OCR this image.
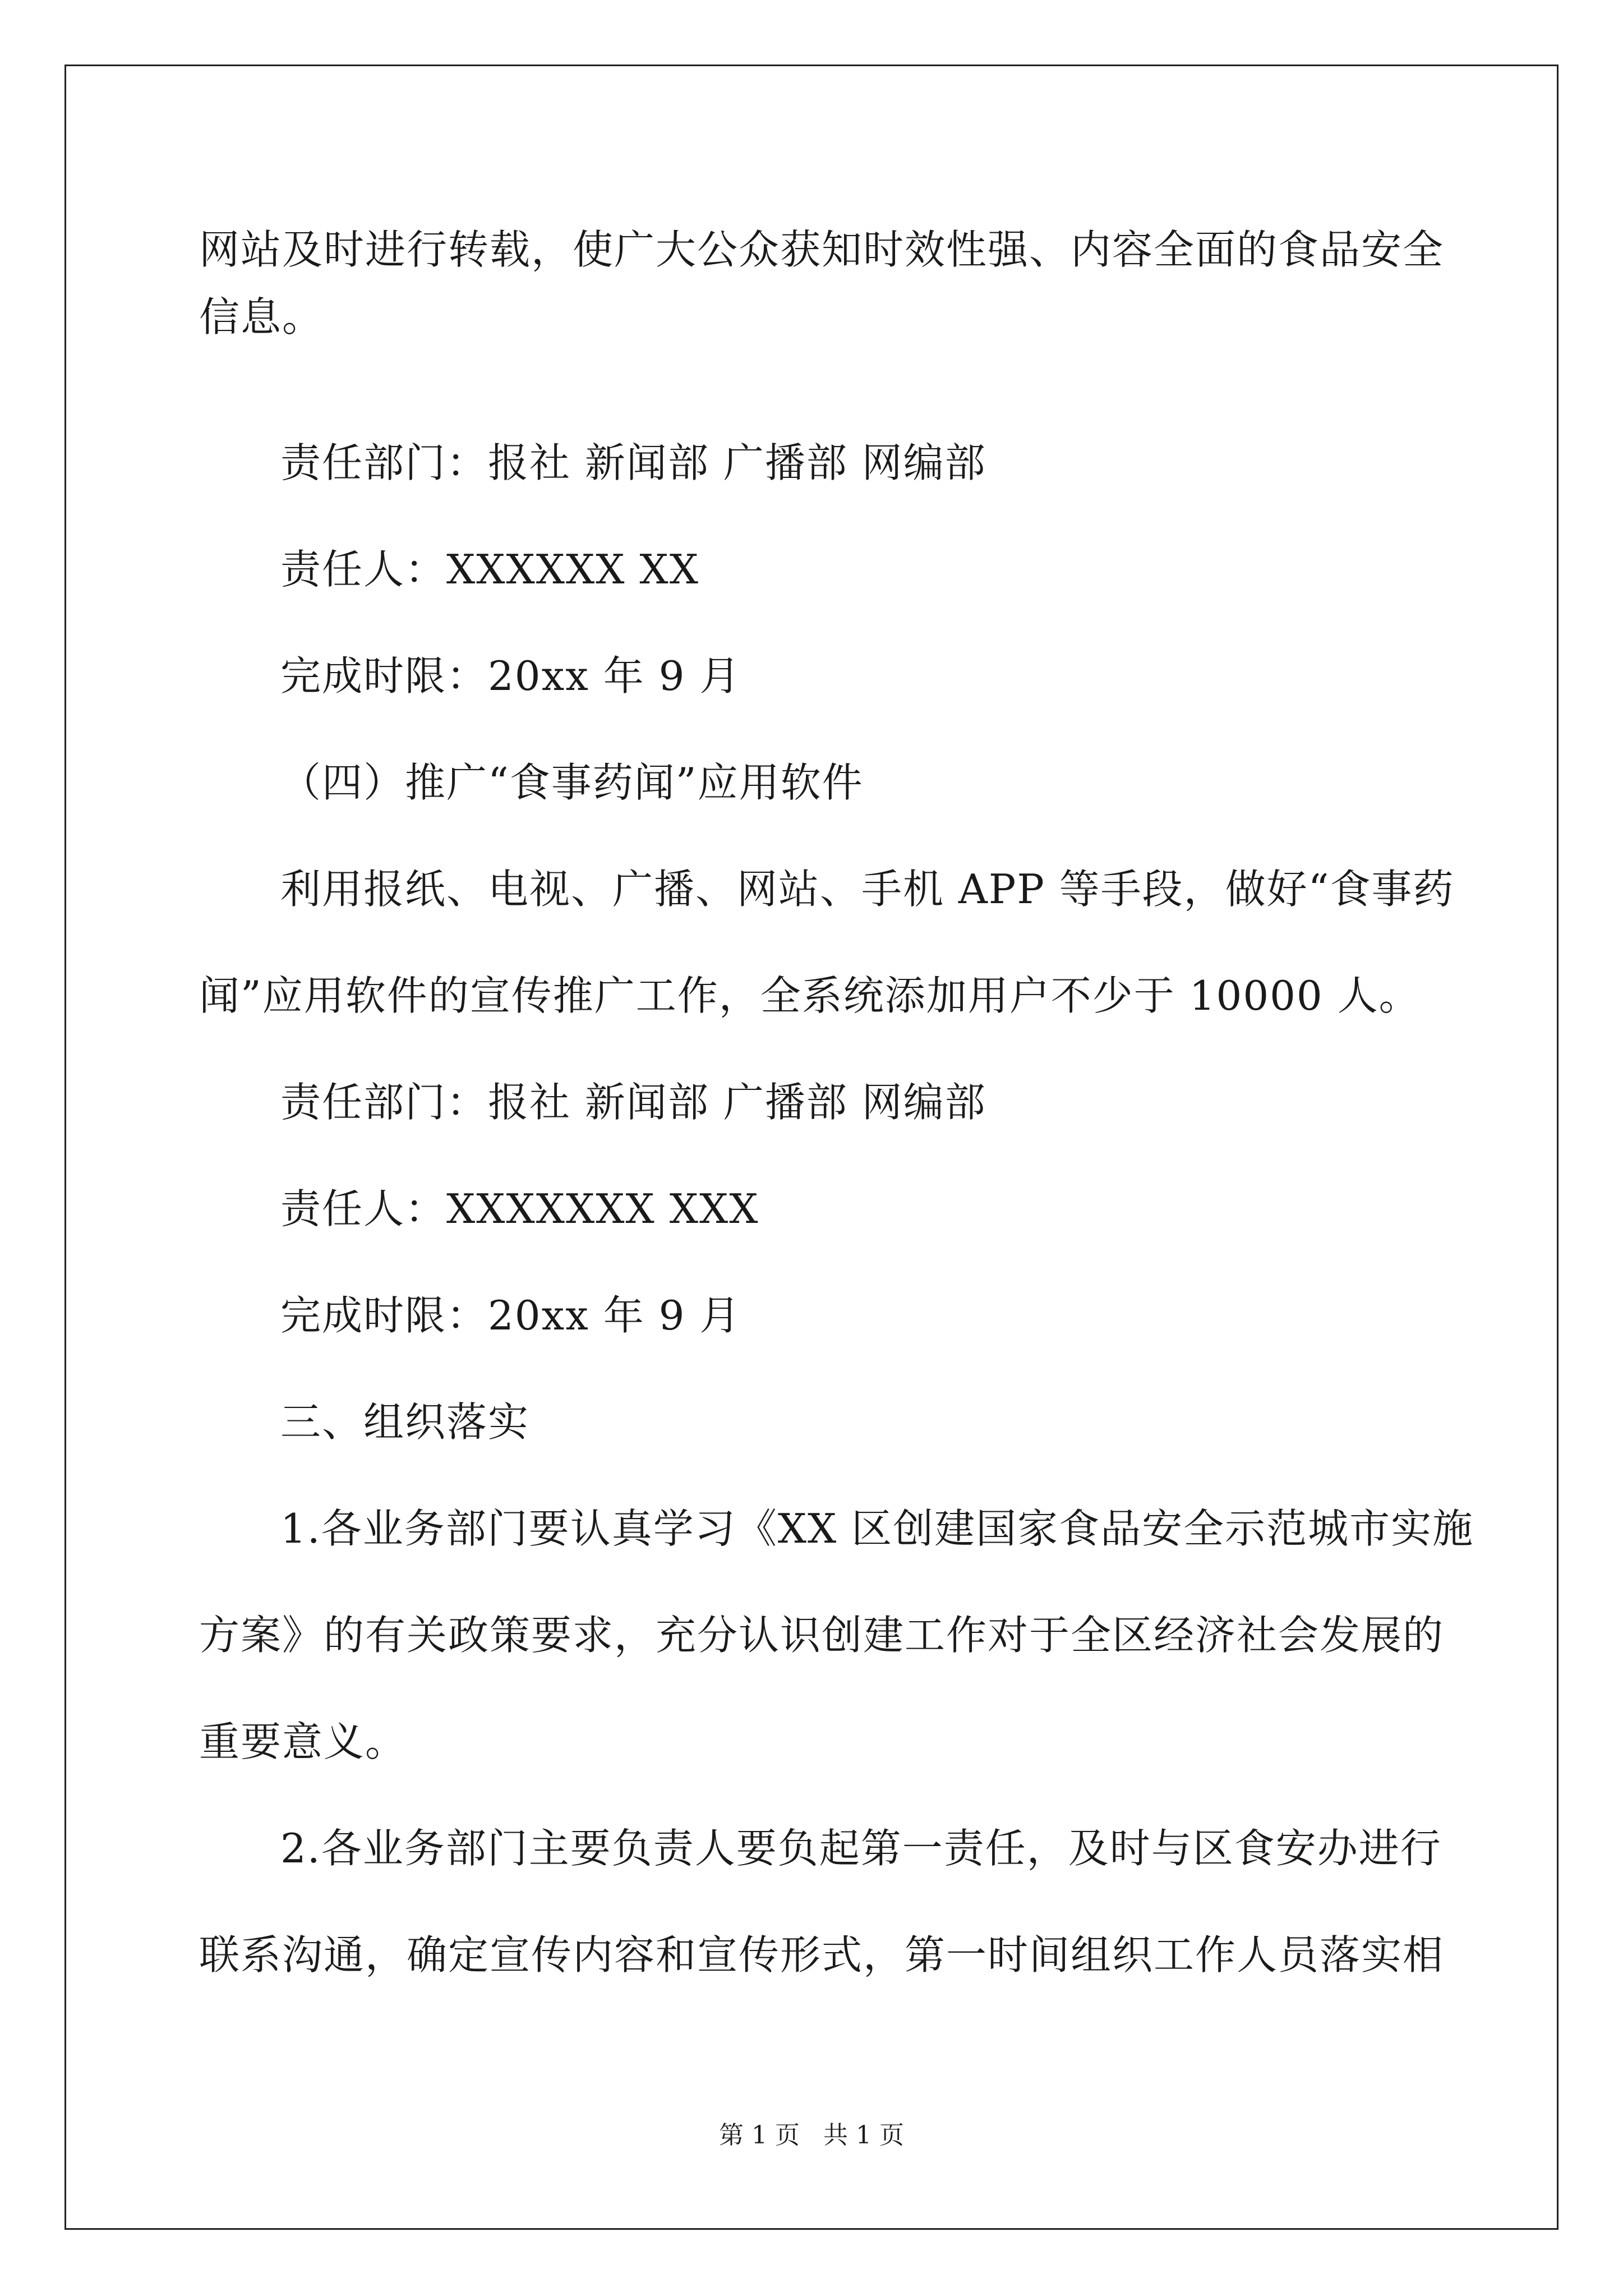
网站及时进行转载，使广大公众获知时效性强、内容全面的食品安全
信息。
责任部门：报社 新闻部 广播部 网编部
责任人：XXXXXX XX
完成时限：20xx 年 9 月
（四）推广“食事药闻”应用软件
利用报纸、电视、广播、网站、手机 APP 等手段，做好“食事药
闻”应用软件的宣传推广工作，全系统添加用户不少于 10000 人。
责任部门：报社 新闻部 广播部 网编部
责任人：XXXXXXX XXX
完成时限：20xx 年 9 月
三、组织落实
1.各业务部门要认真学习《XX 区创建国家食品安全示范城市实施
方案》的有关政策要求，充分认识创建工作对于全区经济社会发展的
重要意义。
2.各业务部门主要负责人要负起第一责任，及时与区食安办进行
联系沟通，确定宣传内容和宣传形式，第一时间组织工作人员落实相
第 1 页   共 1 页
